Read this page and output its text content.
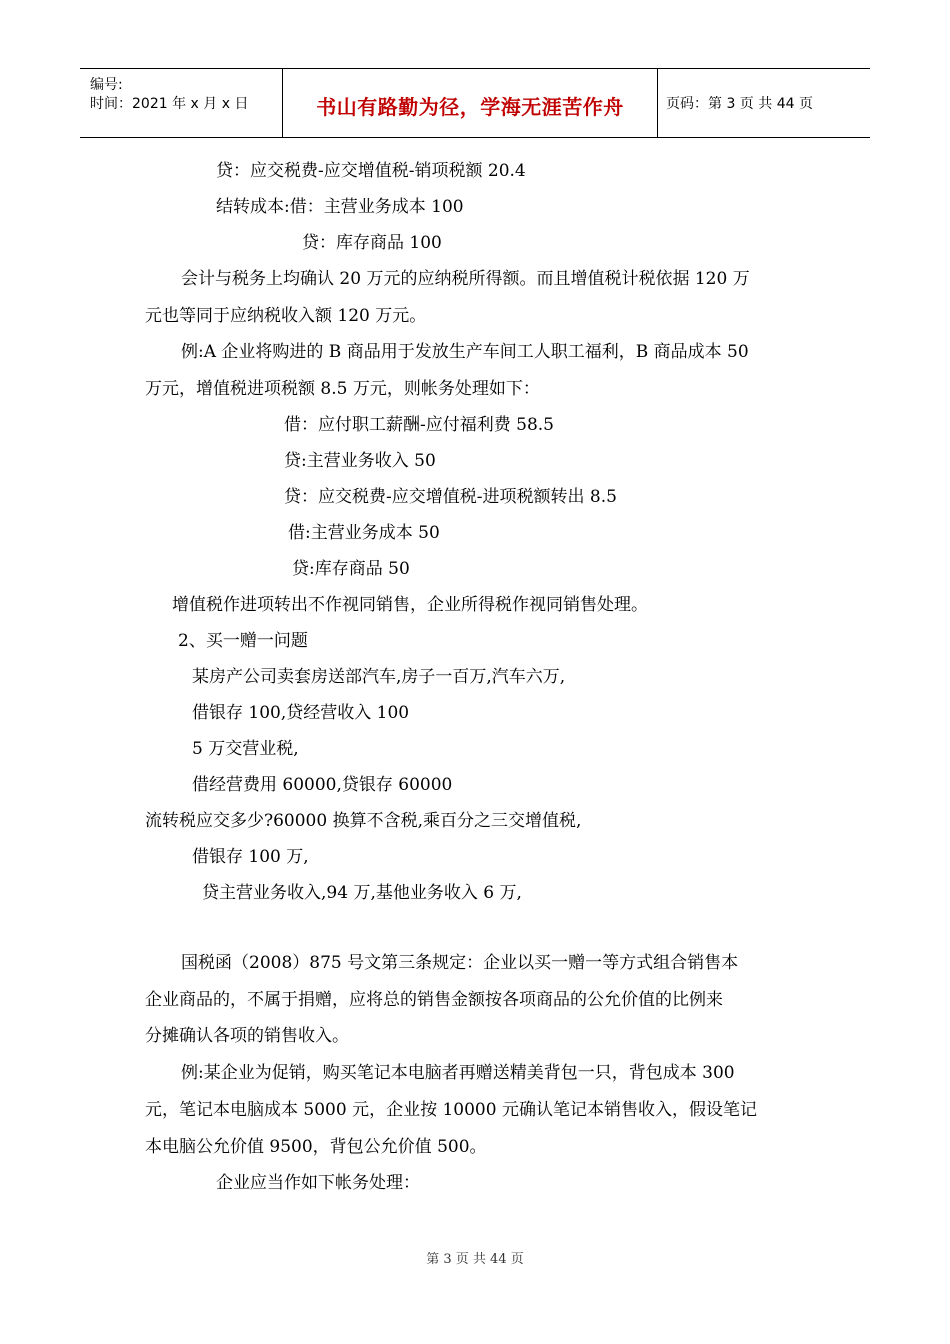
编号:
时间：2021 年 x 月 x 日	书山有路勤为径，学海无涯苦作舟	页码：第 3 页 共 44 页
贷：应交税费-应交增值税-销项税额 20.4
结转成本:借：主营业务成本 100
贷：库存商品 100
会计与税务上均确认 20 万元的应纳税所得额。而且增值税计税依据 120 万
元也等同于应纳税收入额 120 万元。
例:A 企业将购进的 B 商品用于发放生产车间工人职工福利，B 商品成本 50
万元，增值税进项税额 8.5 万元，则帐务处理如下：
借：应付职工薪酬-应付福利费 58.5
贷:主营业务收入 50
贷：应交税费-应交增值税-进项税额转出 8.5
借:主营业务成本 50
贷:库存商品 50
增值税作进项转出不作视同销售，企业所得税作视同销售处理。
2、买一赠一问题
某房产公司卖套房送部汽车,房子一百万,汽车六万,
借银存 100,贷经营收入 100
5 万交营业税,
借经营费用 60000,贷银存 60000
流转税应交多少?60000 换算不含税,乘百分之三交增值税,
借银存 100 万,
贷主营业务收入,94 万,基他业务收入 6 万,
国税函（2008）875 号文第三条规定：企业以买一赠一等方式组合销售本
企业商品的，不属于捐赠，应将总的销售金额按各项商品的公允价值的比例来
分摊确认各项的销售收入。
例:某企业为促销，购买笔记本电脑者再赠送精美背包一只，背包成本 300
元，笔记本电脑成本 5000 元，企业按 10000 元确认笔记本销售收入，假设笔记
本电脑公允价值 9500，背包公允价值 500。
企业应当作如下帐务处理：
第 3 页 共 44 页
